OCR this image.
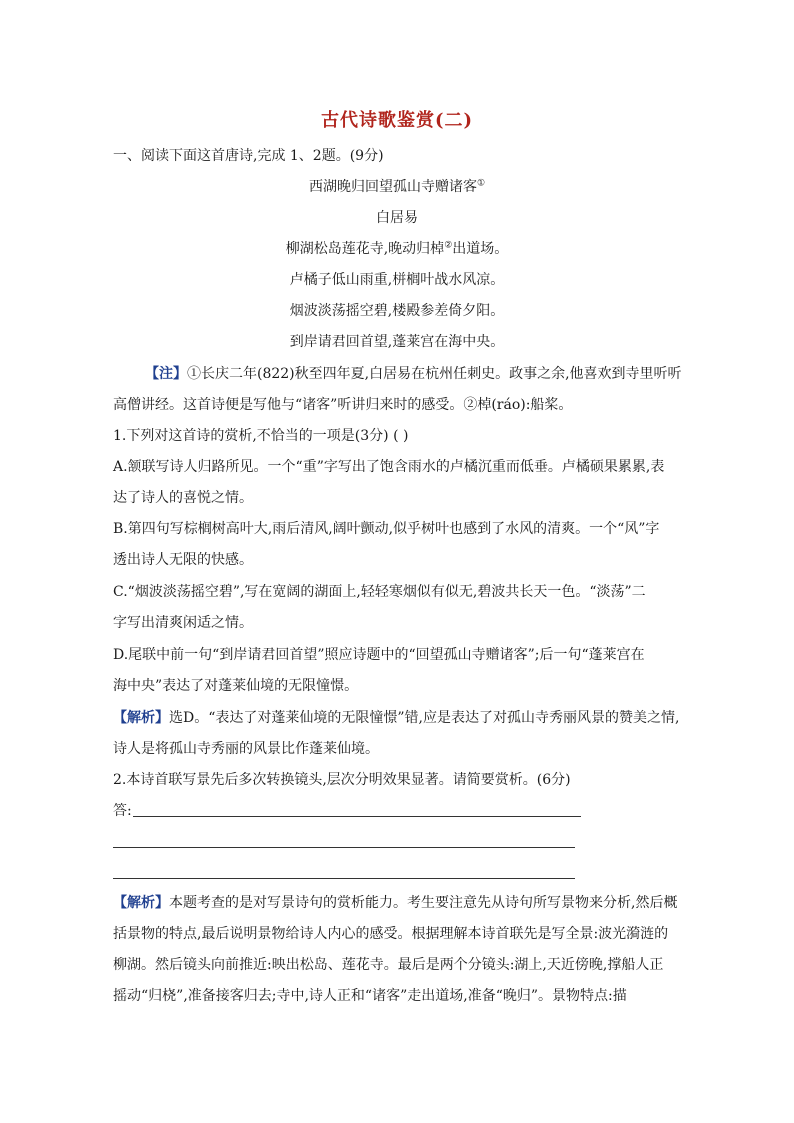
古代诗歌鉴赏(二)
一、阅读下面这首唐诗,完成 1、2题。(9分)
西湖晚归回望孤山寺赠诸客①
白居易
柳湖松岛莲花寺,晚动归棹②出道场。
卢橘子低山雨重,栟榈叶战水风凉。
烟波淡荡摇空碧,楼殿参差倚夕阳。
到岸请君回首望,蓬莱宫在海中央。
【注】①长庆二年(822)秋至四年夏,白居易在杭州任刺史。政事之余,他喜欢到寺里听听
高僧讲经。这首诗便是写他与“诸客”听讲归来时的感受。②棹(ráo):船桨。
1.下列对这首诗的赏析,不恰当的一项是(3分) ( )
A.颔联写诗人归路所见。一个“重”字写出了饱含雨水的卢橘沉重而低垂。卢橘硕果累累,表
达了诗人的喜悦之情。
B.第四句写棕榈树高叶大,雨后清风,阔叶颤动,似乎树叶也感到了水风的清爽。一个“风”字
透出诗人无限的快感。
C.“烟波淡荡摇空碧”,写在宽阔的湖面上,轻轻寒烟似有似无,碧波共长天一色。“淡荡”二
字写出清爽闲适之情。
D.尾联中前一句“到岸请君回首望”照应诗题中的“回望孤山寺赠诸客”;后一句“蓬莱宫在
海中央”表达了对蓬莱仙境的无限憧憬。
【解析】选D。“表达了对蓬莱仙境的无限憧憬”错,应是表达了对孤山寺秀丽风景的赞美之情,
诗人是将孤山寺秀丽的风景比作蓬莱仙境。
2.本诗首联写景先后多次转换镜头,层次分明效果显著。请简要赏析。(6分)
答:
【解析】本题考查的是对写景诗句的赏析能力。考生要注意先从诗句所写景物来分析,然后概
括景物的特点,最后说明景物给诗人内心的感受。根据理解本诗首联先是写全景:波光漪涟的
柳湖。然后镜头向前推近:映出松岛、莲花寺。最后是两个分镜头:湖上,天近傍晚,撑船人正
摇动“归桡”,准备接客归去;寺中,诗人正和“诸客”走出道场,准备“晚归”。景物特点:描
